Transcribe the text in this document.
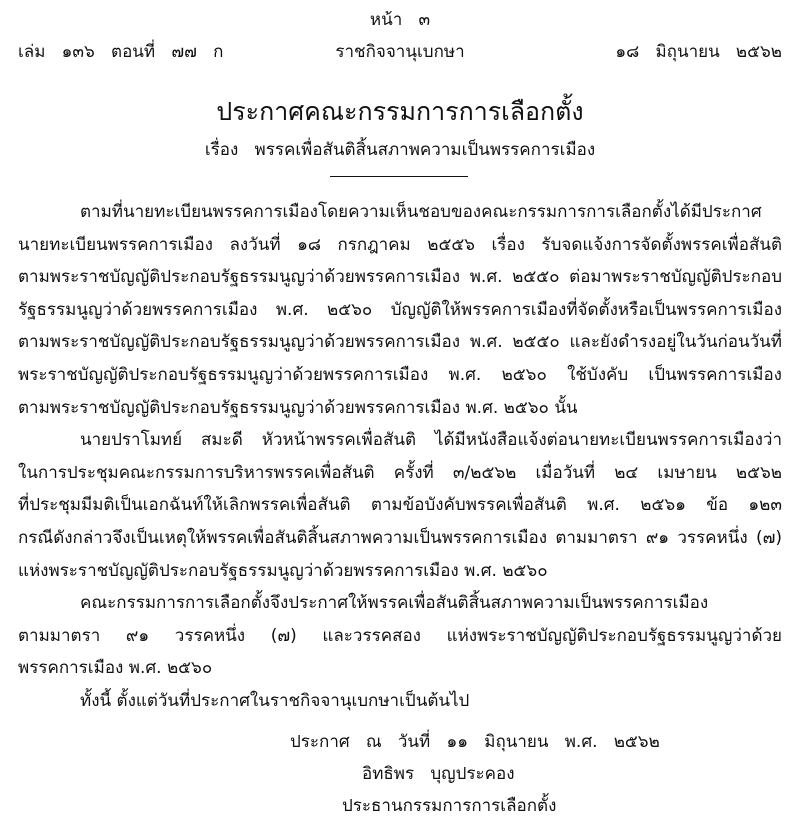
หน้า   ๓
เล่ม   ๑๓๖   ตอนที่   ๗๗   ก	ราชกิจจานุเบกษา	๑๘   มิถุนายน   ๒๕๖๒
ประกาศคณะกรรมการการเลือกตั้ง
เรื่อง   พรรคเพื่อสันติสิ้นสภาพความเป็นพรรคการเมือง
ตามที่นายทะเบียนพรรคการเมืองโดยความเห็นชอบของคณะกรรมการการเลือกตั้งได้มีประกาศ
นายทะเบียนพรรคการเมือง ลงวันที่ ๑๘ กรกฎาคม ๒๕๕๖ เรื่อง รับจดแจ้งการจัดตั้งพรรคเพื่อสันติ
ตามพระราชบัญญัติประกอบรัฐธรรมนูญว่าด้วยพรรคการเมือง พ.ศ. ๒๕๕๐ ต่อมาพระราชบัญญัติประกอบ
รัฐธรรมนูญว่าด้วยพรรคการเมือง พ.ศ. ๒๕๖๐ บัญญัติให้พรรคการเมืองที่จัดตั้งหรือเป็นพรรคการเมือง
ตามพระราชบัญญัติประกอบรัฐธรรมนูญว่าด้วยพรรคการเมือง พ.ศ. ๒๕๕๐ และยังดำรงอยู่ในวันก่อนวันที่
พระราชบัญญัติประกอบรัฐธรรมนูญว่าด้วยพรรคการเมือง พ.ศ. ๒๕๖๐ ใช้บังคับ เป็นพรรคการเมือง
ตามพระราชบัญญัติประกอบรัฐธรรมนูญว่าด้วยพรรคการเมือง พ.ศ. ๒๕๖๐ นั้น
นายปราโมทย์ สมะดี หัวหน้าพรรคเพื่อสันติ ได้มีหนังสือแจ้งต่อนายทะเบียนพรรคการเมืองว่า
ในการประชุมคณะกรรมการบริหารพรรคเพื่อสันติ ครั้งที่ ๓/๒๕๖๒ เมื่อวันที่ ๒๔ เมษายน ๒๕๖๒
ที่ประชุมมีมติเป็นเอกฉันท์ให้เลิกพรรคเพื่อสันติ ตามข้อบังคับพรรคเพื่อสันติ พ.ศ. ๒๕๖๑ ข้อ ๑๒๓
กรณีดังกล่าวจึงเป็นเหตุให้พรรคเพื่อสันติสิ้นสภาพความเป็นพรรคการเมือง ตามมาตรา ๙๑ วรรคหนึ่ง (๗)
แห่งพระราชบัญญัติประกอบรัฐธรรมนูญว่าด้วยพรรคการเมือง พ.ศ. ๒๕๖๐
คณะกรรมการการเลือกตั้งจึงประกาศให้พรรคเพื่อสันติสิ้นสภาพความเป็นพรรคการเมือง
ตามมาตรา ๙๑ วรรคหนึ่ง (๗) และวรรคสอง แห่งพระราชบัญญัติประกอบรัฐธรรมนูญว่าด้วย
พรรคการเมือง พ.ศ. ๒๕๖๐
ทั้งนี้ ตั้งแต่วันที่ประกาศในราชกิจจานุเบกษาเป็นต้นไป
ประกาศ   ณ   วันที่   ๑๑   มิถุนายน   พ.ศ.   ๒๕๖๒
อิทธิพร   บุญประคอง
ประธานกรรมการการเลือกตั้ง
